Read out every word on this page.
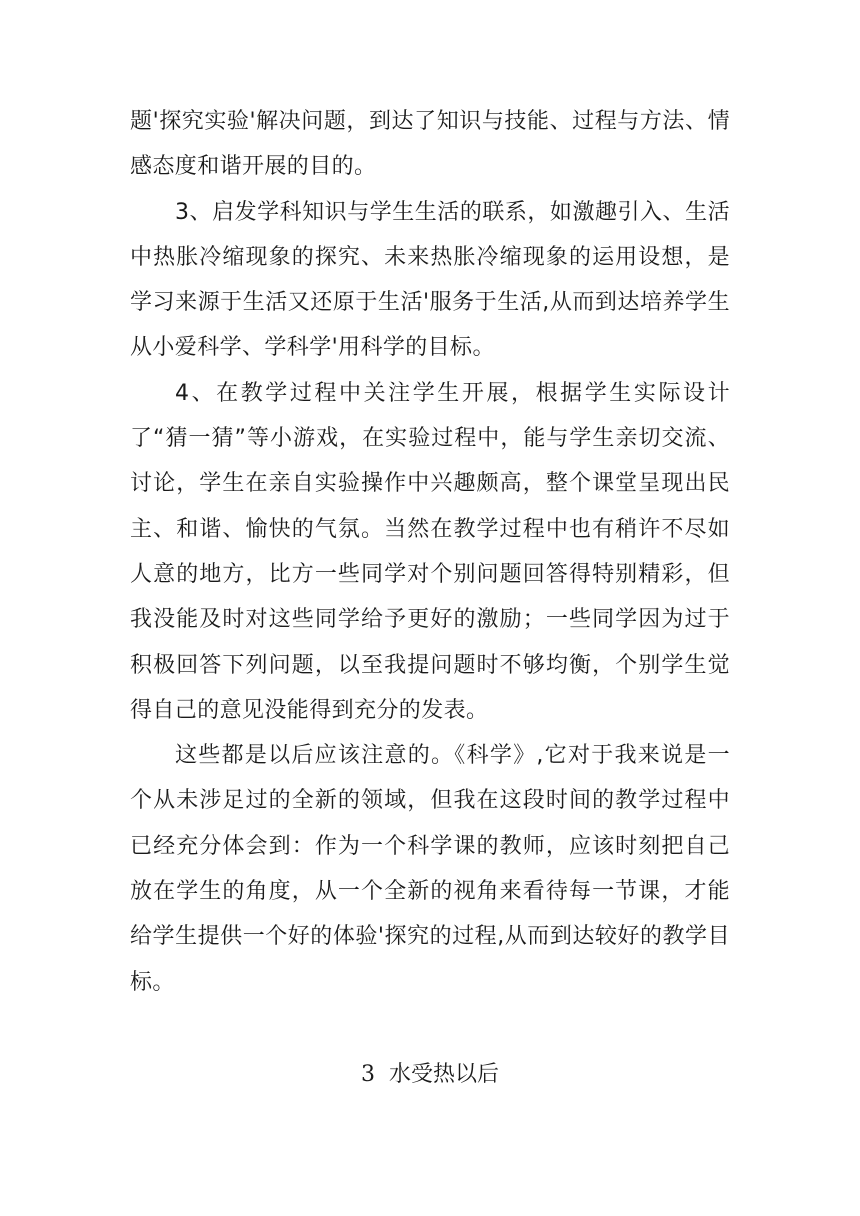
题'探究实验'解决问题，到达了知识与技能、过程与方法、情感态度和谐开展的目的。

3、启发学科知识与学生生活的联系，如激趣引入、生活中热胀冷缩现象的探究、未来热胀冷缩现象的运用设想，是学习来源于生活又还原于生活'服务于生活,从而到达培养学生从小爱科学、学科学'用科学的目标。

4、在教学过程中关注学生开展，根据学生实际设计了“猜一猜”等小游戏，在实验过程中，能与学生亲切交流、讨论，学生在亲自实验操作中兴趣颇高，整个课堂呈现出民主、和谐、愉快的气氛。当然在教学过程中也有稍许不尽如人意的地方，比方一些同学对个别问题回答得特别精彩，但我没能及时对这些同学给予更好的激励；一些同学因为过于积极回答下列问题，以至我提问题时不够均衡，个别学生觉得自己的意见没能得到充分的发表。

这些都是以后应该注意的。《科学》,它对于我来说是一个从未涉足过的全新的领域，但我在这段时间的教学过程中已经充分体会到：作为一个科学课的教师，应该时刻把自己放在学生的角度，从一个全新的视角来看待每一节课，才能给学生提供一个好的体验'探究的过程,从而到达较好的教学目标。

3  水受热以后
